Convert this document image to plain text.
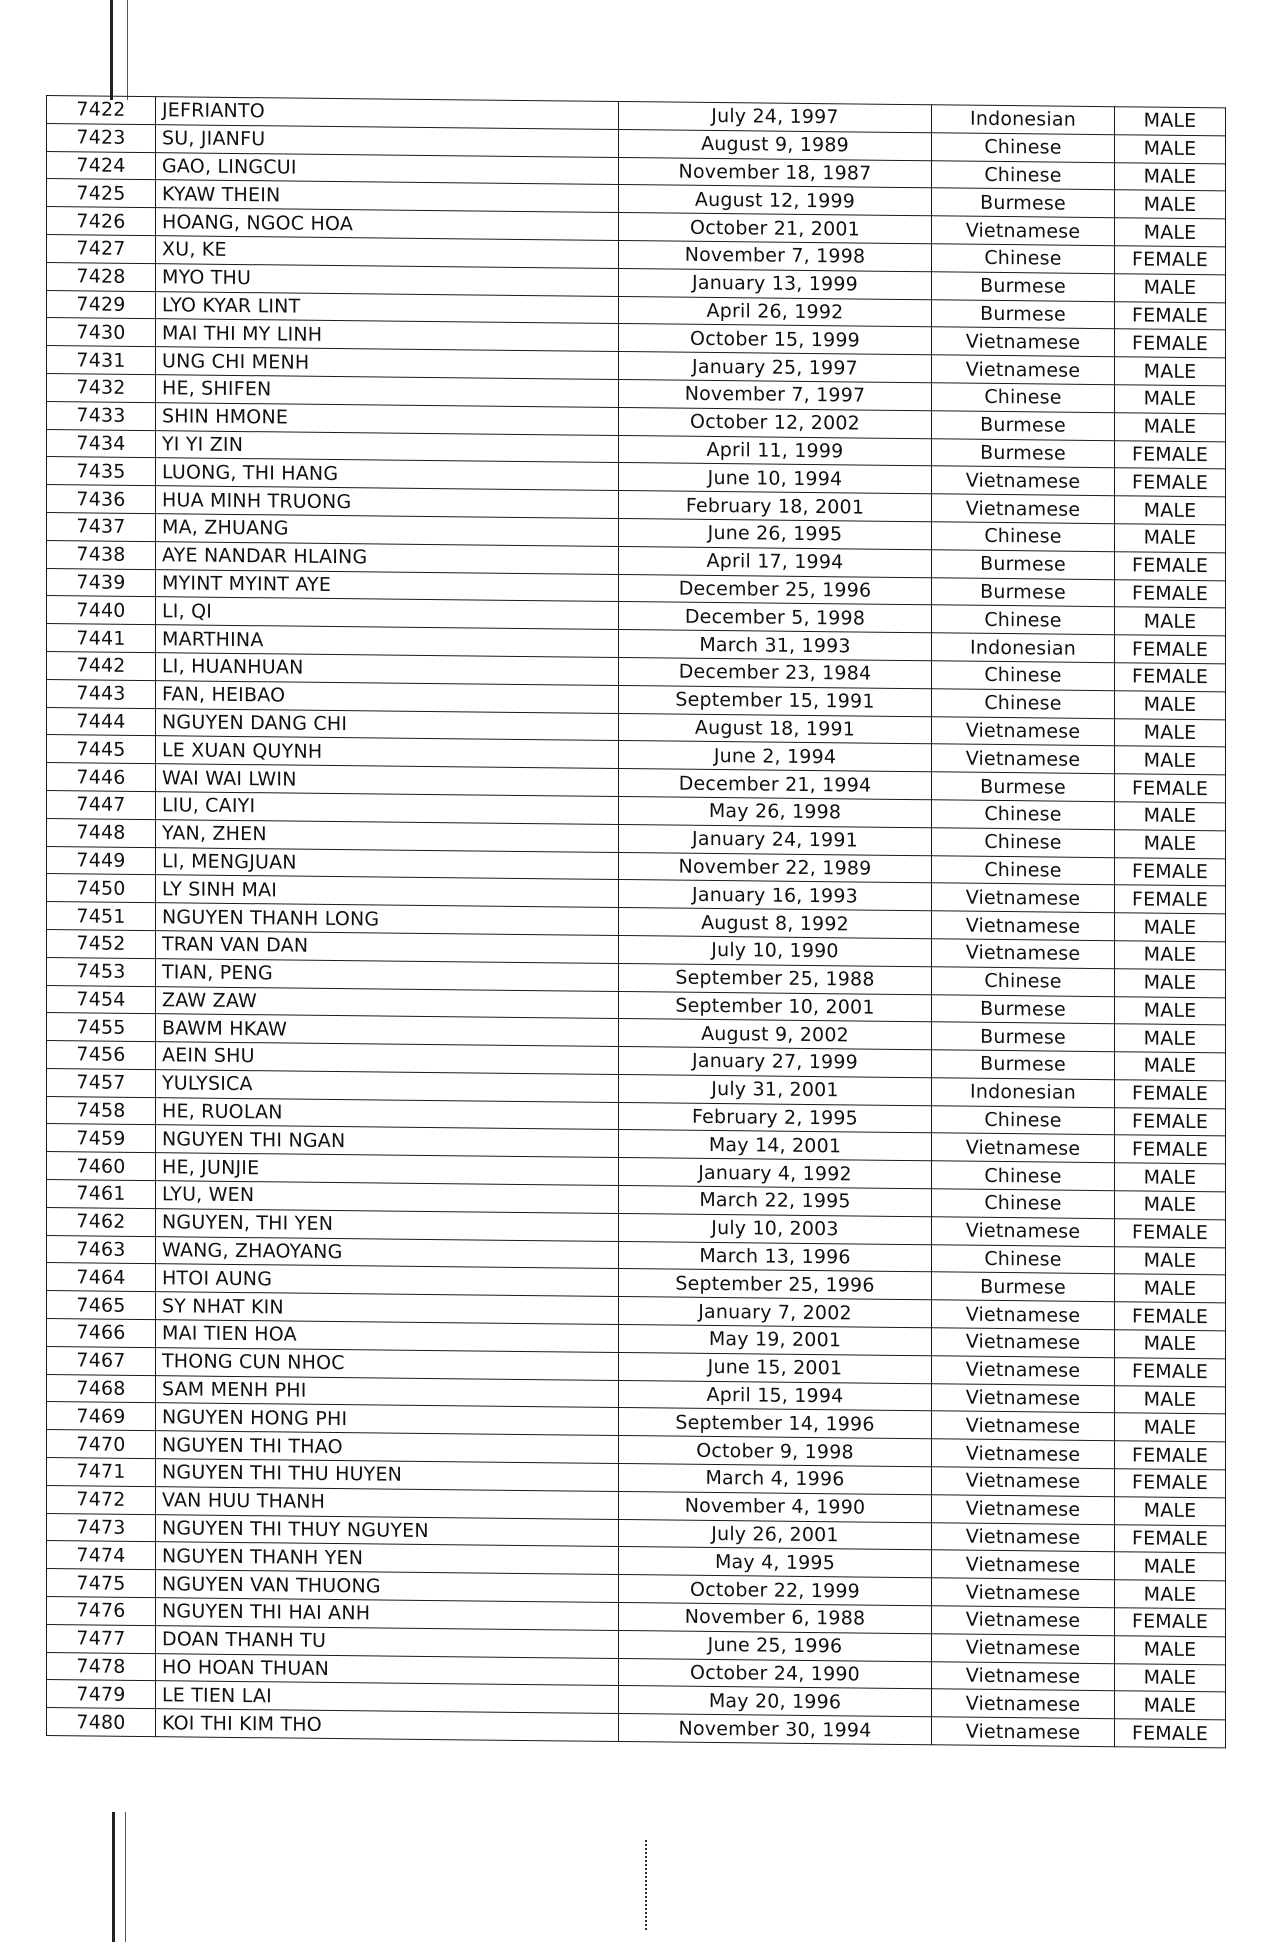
7422	JEFRIANTO	July 24, 1997	Indonesian	MALE
7423	SU, JIANFU	August 9, 1989	Chinese	MALE
7424	GAO, LINGCUI	November 18, 1987	Chinese	MALE
7425	KYAW THEIN	August 12, 1999	Burmese	MALE
7426	HOANG, NGOC HOA	October 21, 2001	Vietnamese	MALE
7427	XU, KE	November 7, 1998	Chinese	FEMALE
7428	MYO THU	January 13, 1999	Burmese	MALE
7429	LYO KYAR LINT	April 26, 1992	Burmese	FEMALE
7430	MAI THI MY LINH	October 15, 1999	Vietnamese	FEMALE
7431	UNG CHI MENH	January 25, 1997	Vietnamese	MALE
7432	HE, SHIFEN	November 7, 1997	Chinese	MALE
7433	SHIN HMONE	October 12, 2002	Burmese	MALE
7434	YI YI ZIN	April 11, 1999	Burmese	FEMALE
7435	LUONG, THI HANG	June 10, 1994	Vietnamese	FEMALE
7436	HUA MINH TRUONG	February 18, 2001	Vietnamese	MALE
7437	MA, ZHUANG	June 26, 1995	Chinese	MALE
7438	AYE NANDAR HLAING	April 17, 1994	Burmese	FEMALE
7439	MYINT MYINT AYE	December 25, 1996	Burmese	FEMALE
7440	LI, QI	December 5, 1998	Chinese	MALE
7441	MARTHINA	March 31, 1993	Indonesian	FEMALE
7442	LI, HUANHUAN	December 23, 1984	Chinese	FEMALE
7443	FAN, HEIBAO	September 15, 1991	Chinese	MALE
7444	NGUYEN DANG CHI	August 18, 1991	Vietnamese	MALE
7445	LE XUAN QUYNH	June 2, 1994	Vietnamese	MALE
7446	WAI WAI LWIN	December 21, 1994	Burmese	FEMALE
7447	LIU, CAIYI	May 26, 1998	Chinese	MALE
7448	YAN, ZHEN	January 24, 1991	Chinese	MALE
7449	LI, MENGJUAN	November 22, 1989	Chinese	FEMALE
7450	LY SINH MAI	January 16, 1993	Vietnamese	FEMALE
7451	NGUYEN THANH LONG	August 8, 1992	Vietnamese	MALE
7452	TRAN VAN DAN	July 10, 1990	Vietnamese	MALE
7453	TIAN, PENG	September 25, 1988	Chinese	MALE
7454	ZAW ZAW	September 10, 2001	Burmese	MALE
7455	BAWM HKAW	August 9, 2002	Burmese	MALE
7456	AEIN SHU	January 27, 1999	Burmese	MALE
7457	YULYSICA	July 31, 2001	Indonesian	FEMALE
7458	HE, RUOLAN	February 2, 1995	Chinese	FEMALE
7459	NGUYEN THI NGAN	May 14, 2001	Vietnamese	FEMALE
7460	HE, JUNJIE	January 4, 1992	Chinese	MALE
7461	LYU, WEN	March 22, 1995	Chinese	MALE
7462	NGUYEN, THI YEN	July 10, 2003	Vietnamese	FEMALE
7463	WANG, ZHAOYANG	March 13, 1996	Chinese	MALE
7464	HTOI AUNG	September 25, 1996	Burmese	MALE
7465	SY NHAT KIN	January 7, 2002	Vietnamese	FEMALE
7466	MAI TIEN HOA	May 19, 2001	Vietnamese	MALE
7467	THONG CUN NHOC	June 15, 2001	Vietnamese	FEMALE
7468	SAM MENH PHI	April 15, 1994	Vietnamese	MALE
7469	NGUYEN HONG PHI	September 14, 1996	Vietnamese	MALE
7470	NGUYEN THI THAO	October 9, 1998	Vietnamese	FEMALE
7471	NGUYEN THI THU HUYEN	March 4, 1996	Vietnamese	FEMALE
7472	VAN HUU THANH	November 4, 1990	Vietnamese	MALE
7473	NGUYEN THI THUY NGUYEN	July 26, 2001	Vietnamese	FEMALE
7474	NGUYEN THANH YEN	May 4, 1995	Vietnamese	MALE
7475	NGUYEN VAN THUONG	October 22, 1999	Vietnamese	MALE
7476	NGUYEN THI HAI ANH	November 6, 1988	Vietnamese	FEMALE
7477	DOAN THANH TU	June 25, 1996	Vietnamese	MALE
7478	HO HOAN THUAN	October 24, 1990	Vietnamese	MALE
7479	LE TIEN LAI	May 20, 1996	Vietnamese	MALE
7480	KOI THI KIM THO	November 30, 1994	Vietnamese	FEMALE
